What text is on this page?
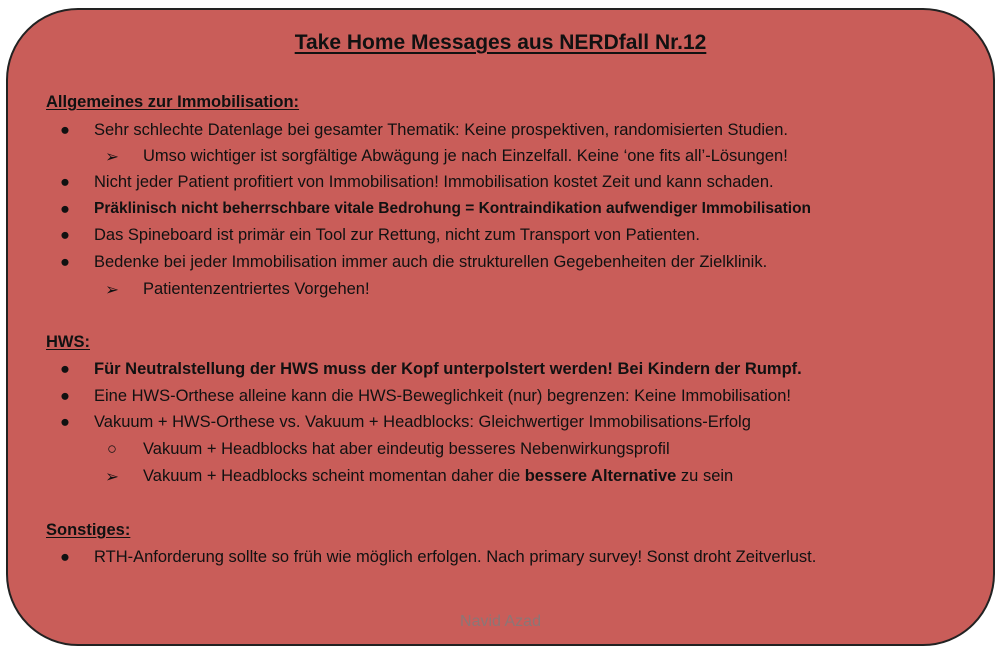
Take Home Messages aus NERDfall Nr.12
Allgemeines zur Immobilisation:
● Sehr schlechte Datenlage bei gesamter Thematik: Keine prospektiven, randomisierten Studien.
➢ Umso wichtiger ist sorgfältige Abwägung je nach Einzelfall. Keine ‘one fits all’-Lösungen!
● Nicht jeder Patient profitiert von Immobilisation! Immobilisation kostet Zeit und kann schaden.
● Präklinisch nicht beherrschbare vitale Bedrohung = Kontraindikation aufwendiger Immobilisation
● Das Spineboard ist primär ein Tool zur Rettung, nicht zum Transport von Patienten.
● Bedenke bei jeder Immobilisation immer auch die strukturellen Gegebenheiten der Zielklinik.
➢ Patientenzentriertes Vorgehen!
HWS:
● Für Neutralstellung der HWS muss der Kopf unterpolstert werden! Bei Kindern der Rumpf.
● Eine HWS-Orthese alleine kann die HWS-Beweglichkeit (nur) begrenzen: Keine Immobilisation!
● Vakuum + HWS-Orthese vs. Vakuum + Headblocks: Gleichwertiger Immobilisations-Erfolg
○ Vakuum + Headblocks hat aber eindeutig besseres Nebenwirkungsprofil
➢ Vakuum + Headblocks scheint momentan daher die bessere Alternative zu sein
Sonstiges:
● RTH-Anforderung sollte so früh wie möglich erfolgen. Nach primary survey! Sonst droht Zeitverlust.
Navid Azad
